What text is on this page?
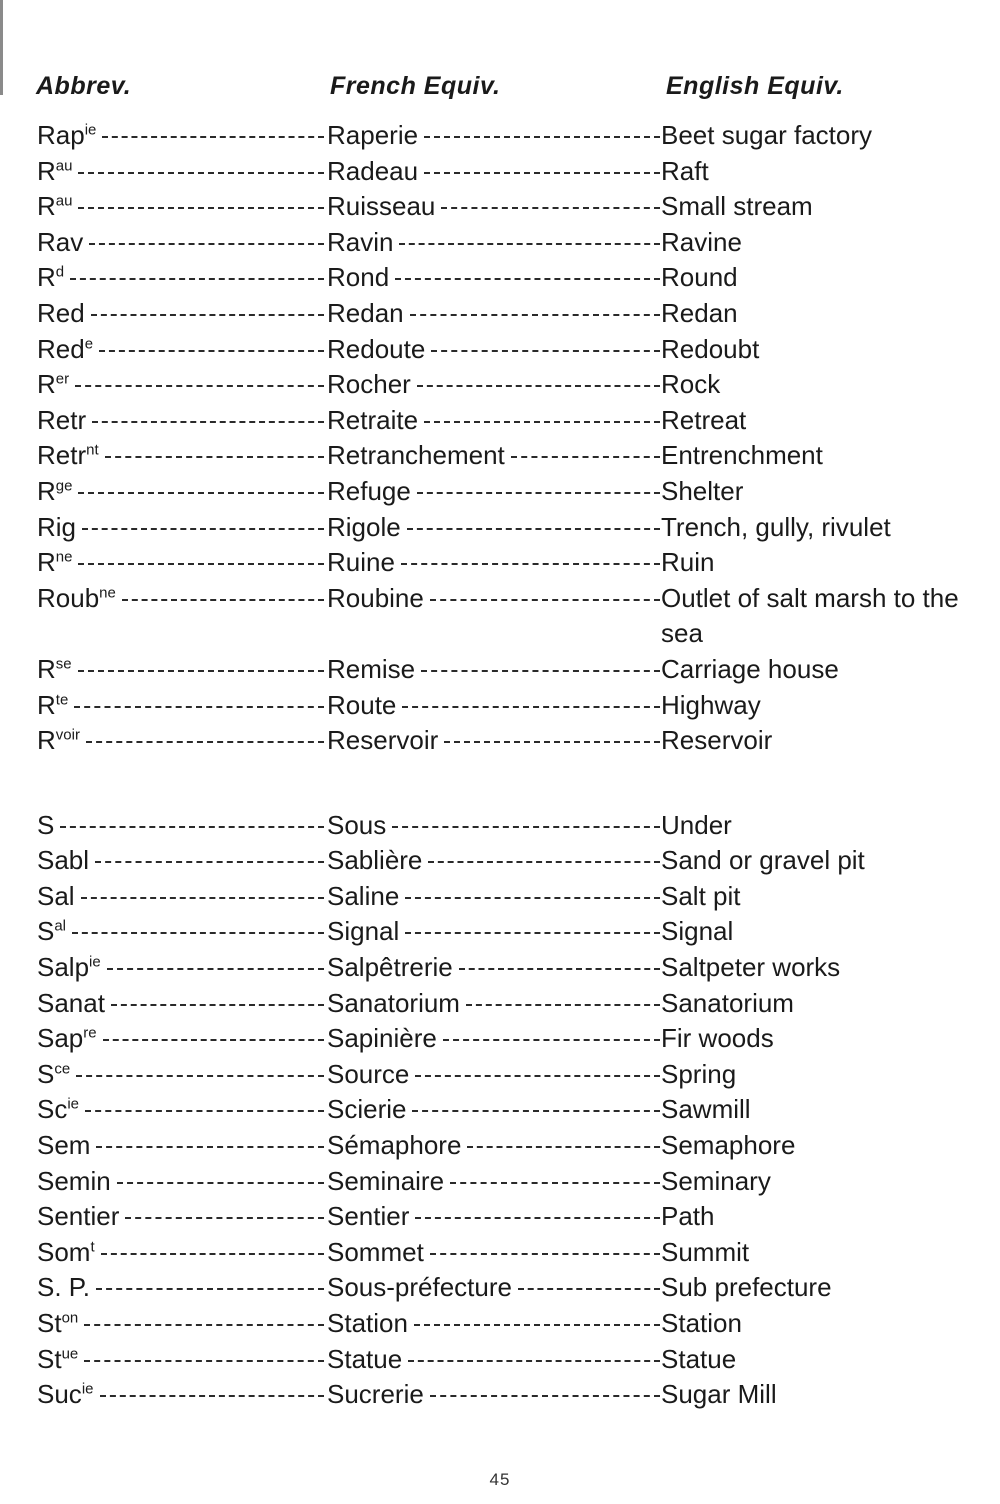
Abbrev.	French Equiv.	English Equiv.
Rap$^{ie}$	Raperie	Beet sugar factory
$R^{au}$	Radeau	Raft
$R^{au}$	Ruisseau	Small stream
Rav	Ravin	Ravine
$R^d$	Rond	Round
Red	Redan	Redan
Red$^e$	Redoute	Redoubt
$R^{er}$	Rocher	Rock
Retr	Retraite	Retreat
Retr$^{nt}$	Retranchement	Entrenchment
$R^{ge}$	Refuge	Shelter
Rig	Rigole	Trench, gully, rivulet
$R^{ne}$	Ruine	Ruin
Roub$^{ne}$	Roubine	Outlet of salt marsh to the sea
$R^{se}$	Remise	Carriage house
$R^{te}$	Route	Highway
$R^{voir}$	Reservoir	Reservoir
S	Sous	Under
Sabl	Sablière	Sand or gravel pit
Sal	Saline	Salt pit
$S^{al}$	Signal	Signal
Salp$^{ie}$	Salpêtrerie	Saltpeter works
Sanat	Sanatorium	Sanatorium
Sap$^{re}$	Sapinière	Fir woods
$S^{ce}$	Source	Spring
$Sc^{ie}$	Scierie	Sawmill
Sem	Sémaphore	Semaphore
Semin	Seminaire	Seminary
Sentier	Sentier	Path
Som$^t$	Sommet	Summit
S. P.	Sous-préfecture	Sub prefecture
$St^{on}$	Station	Station
$St^{ue}$	Statue	Statue
Suc$^{ie}$	Sucrerie	Sugar Mill
45
